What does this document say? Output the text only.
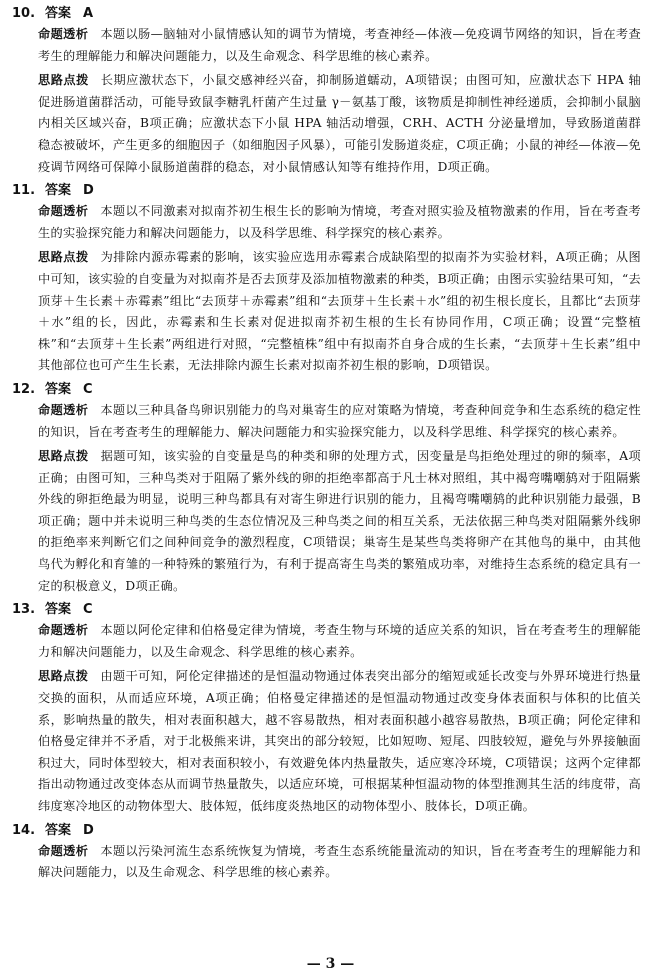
10. 答案 A

命题透析 本题以肠—脑轴对小鼠情感认知的调节为情境，考查神经—体液—免疫调节网络的知识，旨在考查考生的理解能力和解决问题能力，以及生命观念、科学思维的核心素养。

思路点拨 长期应激状态下，小鼠交感神经兴奋，抑制肠道蠕动，A项错误；由图可知，应激状态下 HPA 轴促进肠道菌群活动，可能导致鼠李糖乳杆菌产生过量 γ－氨基丁酸，该物质是抑制性神经递质，会抑制小鼠脑内相关区域兴奋，B项正确；应激状态下小鼠 HPA 轴活动增强，CRH、ACTH 分泌量增加，导致肠道菌群稳态被破坏，产生更多的细胞因子（如细胞因子风暴），可能引发肠道炎症，C项正确；小鼠的神经—体液—免疫调节网络可保障小鼠肠道菌群的稳态，对小鼠情感认知等有维持作用，D项正确。

11. 答案 D

命题透析 本题以不同激素对拟南芥初生根生长的影响为情境，考查对照实验及植物激素的作用，旨在考查考生的实验探究能力和解决问题能力，以及科学思维、科学探究的核心素养。

思路点拨 为排除内源赤霉素的影响，该实验应选用赤霉素合成缺陷型的拟南芥为实验材料，A项正确；从图中可知，该实验的自变量为对拟南芥是否去顶芽及添加植物激素的种类，B项正确；由图示实验结果可知，“去顶芽＋生长素＋赤霉素”组比“去顶芽＋赤霉素”组和“去顶芽＋生长素＋水”组的初生根长度长，且都比“去顶芽＋水”组的长，因此，赤霉素和生长素对促进拟南芥初生根的生长有协同作用，C项正确；设置“完整植株”和“去顶芽＋生长素”两组进行对照，“完整植株”组中有拟南芥自身合成的生长素，“去顶芽＋生长素”组中其他部位也可产生生长素，无法排除内源生长素对拟南芥初生根的影响，D项错误。

12. 答案 C

命题透析 本题以三种具备鸟卵识别能力的鸟对巢寄生的应对策略为情境，考查种间竞争和生态系统的稳定性的知识，旨在考查考生的理解能力、解决问题能力和实验探究能力，以及科学思维、科学探究的核心素养。

思路点拨 据题可知，该实验的自变量是鸟的种类和卵的处理方式，因变量是鸟拒绝处理过的卵的频率，A项正确；由图可知，三种鸟类对于阻隔了紫外线的卵的拒绝率都高于凡士林对照组，其中褐弯嘴嘲鸫对于阻隔紫外线的卵拒绝最为明显，说明三种鸟都具有对寄生卵进行识别的能力，且褐弯嘴嘲鸫的此种识别能力最强，B项正确；题中并未说明三种鸟类的生态位情况及三种鸟类之间的相互关系，无法依据三种鸟类对阻隔紫外线卵的拒绝率来判断它们之间种间竞争的激烈程度，C项错误；巢寄生是某些鸟类将卵产在其他鸟的巢中，由其他鸟代为孵化和育雏的一种特殊的繁殖行为，有利于提高寄生鸟类的繁殖成功率，对维持生态系统的稳定具有一定的积极意义，D项正确。

13. 答案 C

命题透析 本题以阿伦定律和伯格曼定律为情境，考查生物与环境的适应关系的知识，旨在考查考生的理解能力和解决问题能力，以及生命观念、科学思维的核心素养。

思路点拨 由题干可知，阿伦定律描述的是恒温动物通过体表突出部分的缩短或延长改变与外界环境进行热量交换的面积，从而适应环境，A项正确；伯格曼定律描述的是恒温动物通过改变身体表面积与体积的比值关系，影响热量的散失，相对表面积越大，越不容易散热，相对表面积越小越容易散热，B项正确；阿伦定律和伯格曼定律并不矛盾，对于北极熊来讲，其突出的部分较短，比如短吻、短尾、四肢较短，避免与外界接触面积过大，同时体型较大，相对表面积较小，有效避免体内热量散失，适应寒冷环境，C项错误；这两个定律都指出动物通过改变体态从而调节热量散失，以适应环境，可根据某种恒温动物的体型推测其生活的纬度带，高纬度寒冷地区的动物体型大、肢体短，低纬度炎热地区的动物体型小、肢体长，D项正确。

14. 答案 D

命题透析 本题以污染河流生态系统恢复为情境，考查生态系统能量流动的知识，旨在考查考生的理解能力和解决问题能力，以及生命观念、科学思维的核心素养。

— 3 —
